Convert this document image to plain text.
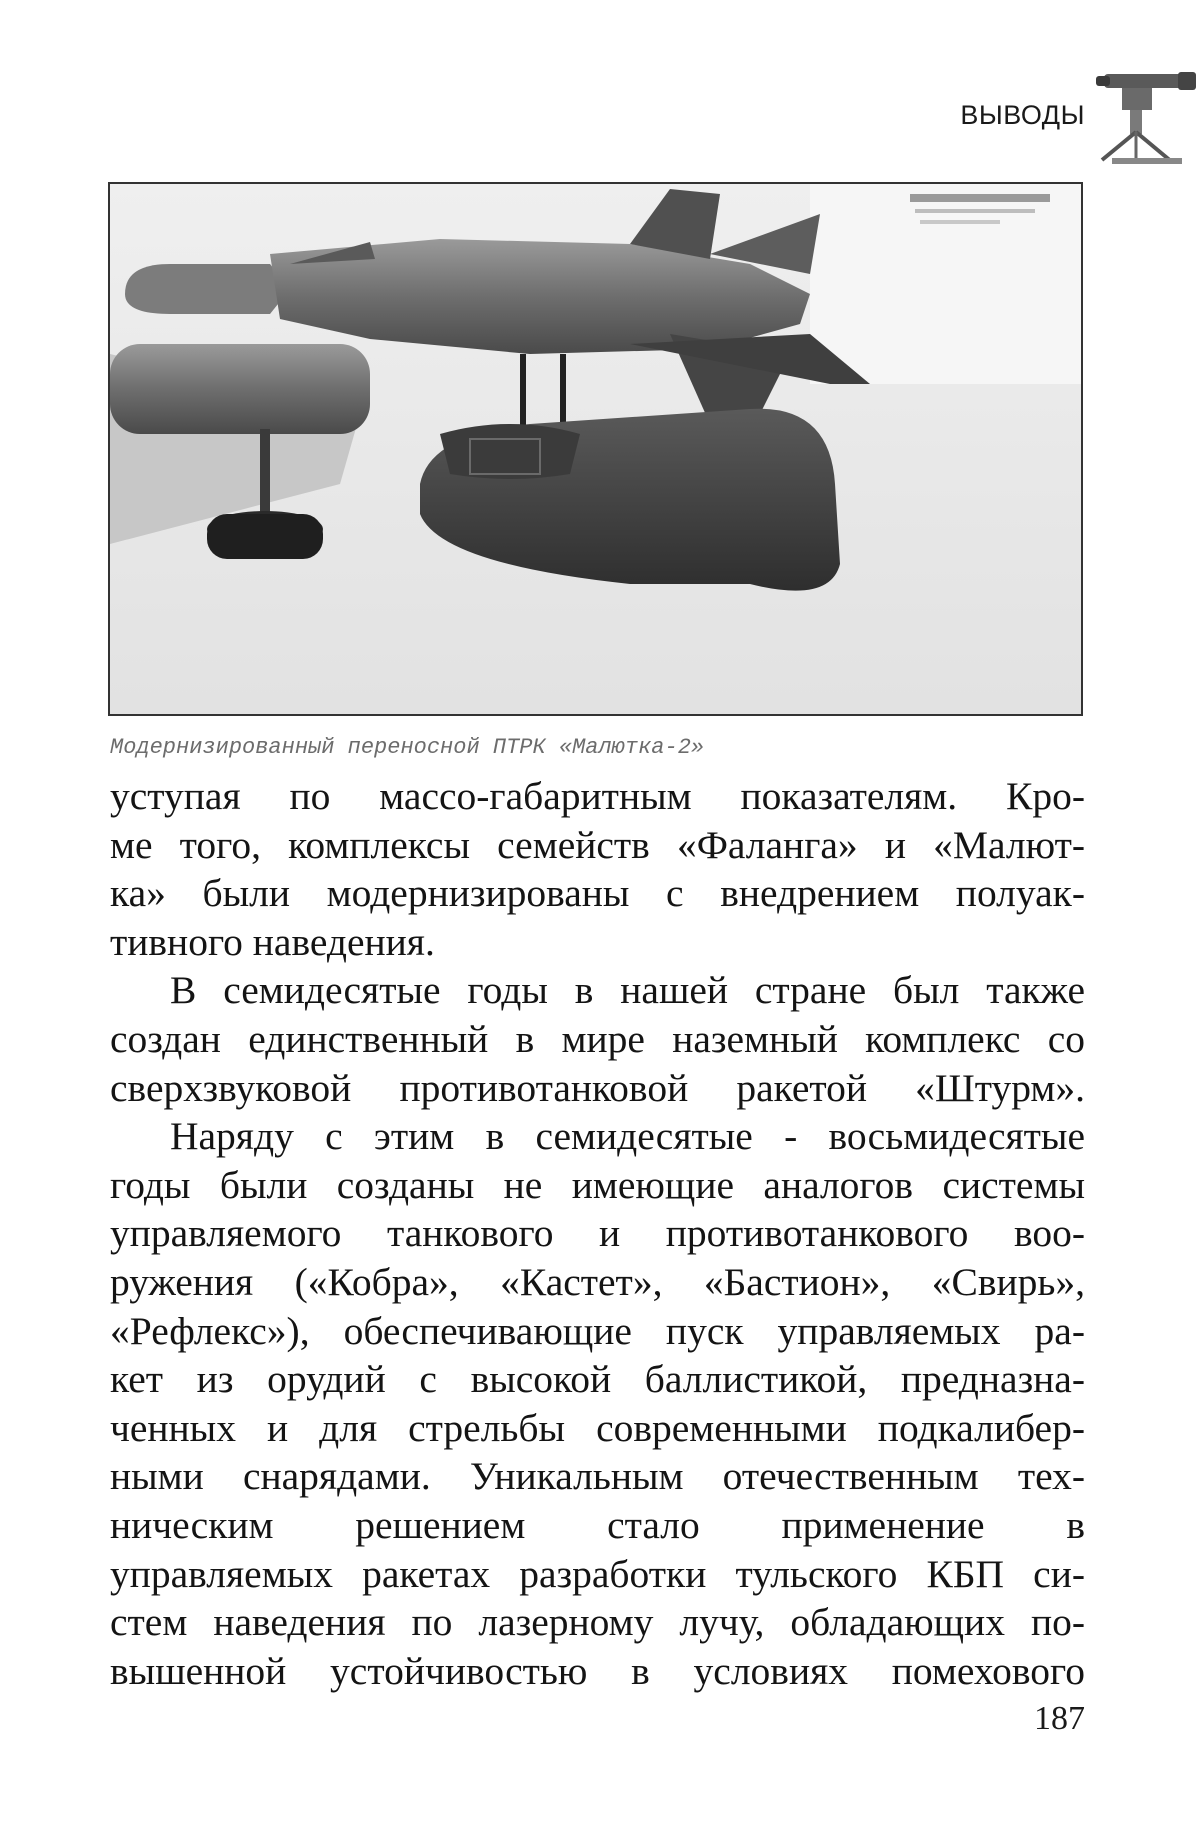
ВЫВОДЫ
Модернизированный переносной ПТРК «Малютка-2»

уступая по массо-габаритным показателям. Кро-
ме того, комплексы семейств «Фаланга» и «Малют-
ка» были модернизированы с внедрением полуак-
тивного наведения.

В семидесятые годы в нашей стране был также
создан единственный в мире наземный комплекс со
сверхзвуковой противотанковой ракетой «Штурм».

Наряду с этим в семидесятые - восьмидесятые
годы были созданы не имеющие аналогов системы
управляемого танкового и противотанкового воо-
ружения («Кобра», «Кастет», «Бастион», «Свирь»,
«Рефлекс»), обеспечивающие пуск управляемых ра-
кет из орудий с высокой баллистикой, предназна-
ченных и для стрельбы современными подкалибер-
ными снарядами. Уникальным отечественным тех-
ническим решением стало применение в
управляемых ракетах разработки тульского КБП си-
стем наведения по лазерному лучу, обладающих по-
вышенной устойчивостью в условиях помехового

187
